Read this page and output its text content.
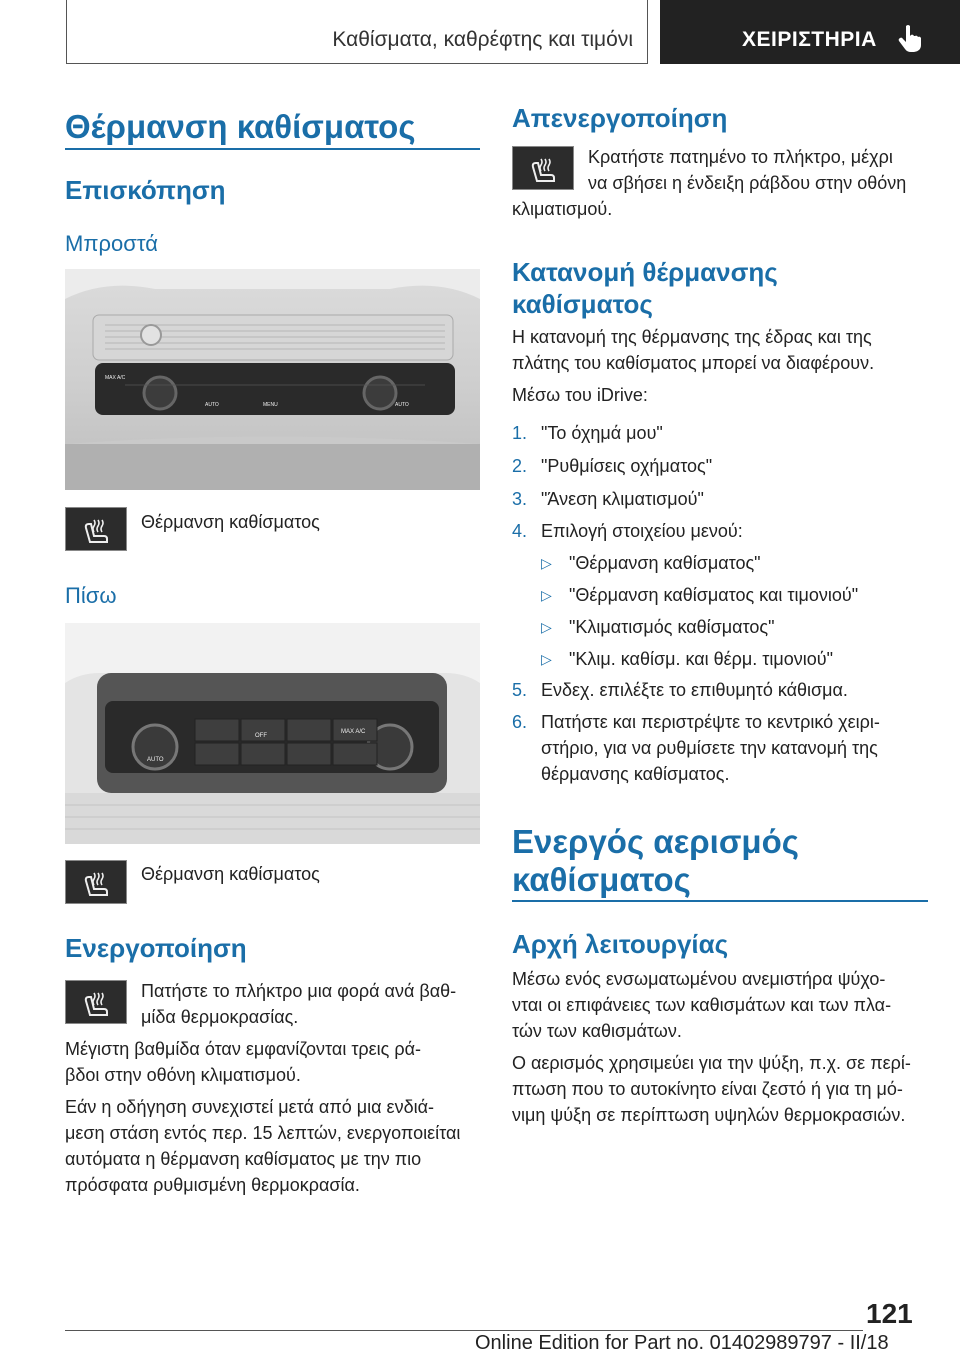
Καθίσματα, καθρέφτης και τιμόνι	ΧΕΙΡΙΣΤΗΡΙΑ
Θέρμανση καθίσματος
Επισκόπηση
Μπροστά
MAX A/C
AUTO	MENU	AUTO
Θέρμανση καθίσματος
Πίσω
OFF
MAX A/C
AUTO
Θέρμανση καθίσματος
Ενεργοποίηση
Πατήστε το πλήκτρο μια φορά ανά βαθ-
μίδα θερμοκρασίας.
Μέγιστη βαθμίδα όταν εμφανίζονται τρεις ρά-
βδοι στην οθόνη κλιματισμού.
Εάν η οδήγηση συνεχιστεί μετά από μια ενδιά-
μεση στάση εντός περ. 15 λεπτών, ενεργοποιείται
αυτόματα η θέρμανση καθίσματος με την πιο
πρόσφατα ρυθμισμένη θερμοκρασία.
Απενεργοποίηση
Κρατήστε πατημένο το πλήκτρο, μέχρι
να σβήσει η ένδειξη ράβδου στην οθόνη
κλιματισμού.
Κατανομή θέρμανσης
καθίσματος
Η κατανομή της θέρμανσης της έδρας και της
πλάτης του καθίσματος μπορεί να διαφέρουν.
Μέσω του iDrive:
1. "Το όχημά μου"
2. "Ρυθμίσεις οχήματος"
3. "Άνεση κλιματισμού"
4. Επιλογή στοιχείου μενού:
▷ "Θέρμανση καθίσματος"
▷ "Θέρμανση καθίσματος και τιμονιού"
▷ "Κλιματισμός καθίσματος"
▷ "Κλιμ. καθίσμ. και θέρμ. τιμονιού"
5. Ενδεχ. επιλέξτε το επιθυμητό κάθισμα.
6. Πατήστε και περιστρέψτε το κεντρικό χειρι-
στήριο, για να ρυθμίσετε την κατανομή της
θέρμανσης καθίσματος.
Ενεργός αερισμός
καθίσματος
Αρχή λειτουργίας
Μέσω ενός ενσωματωμένου ανεμιστήρα ψύχο-
νται οι επιφάνειες των καθισμάτων και των πλα-
τών των καθισμάτων.
Ο αερισμός χρησιμεύει για την ψύξη, π.χ. σε περί-
πτωση που το αυτοκίνητο είναι ζεστό ή για τη μό-
νιμη ψύξη σε περίπτωση υψηλών θερμοκρασιών.
121
Online Edition for Part no. 01402989797 - II/18
